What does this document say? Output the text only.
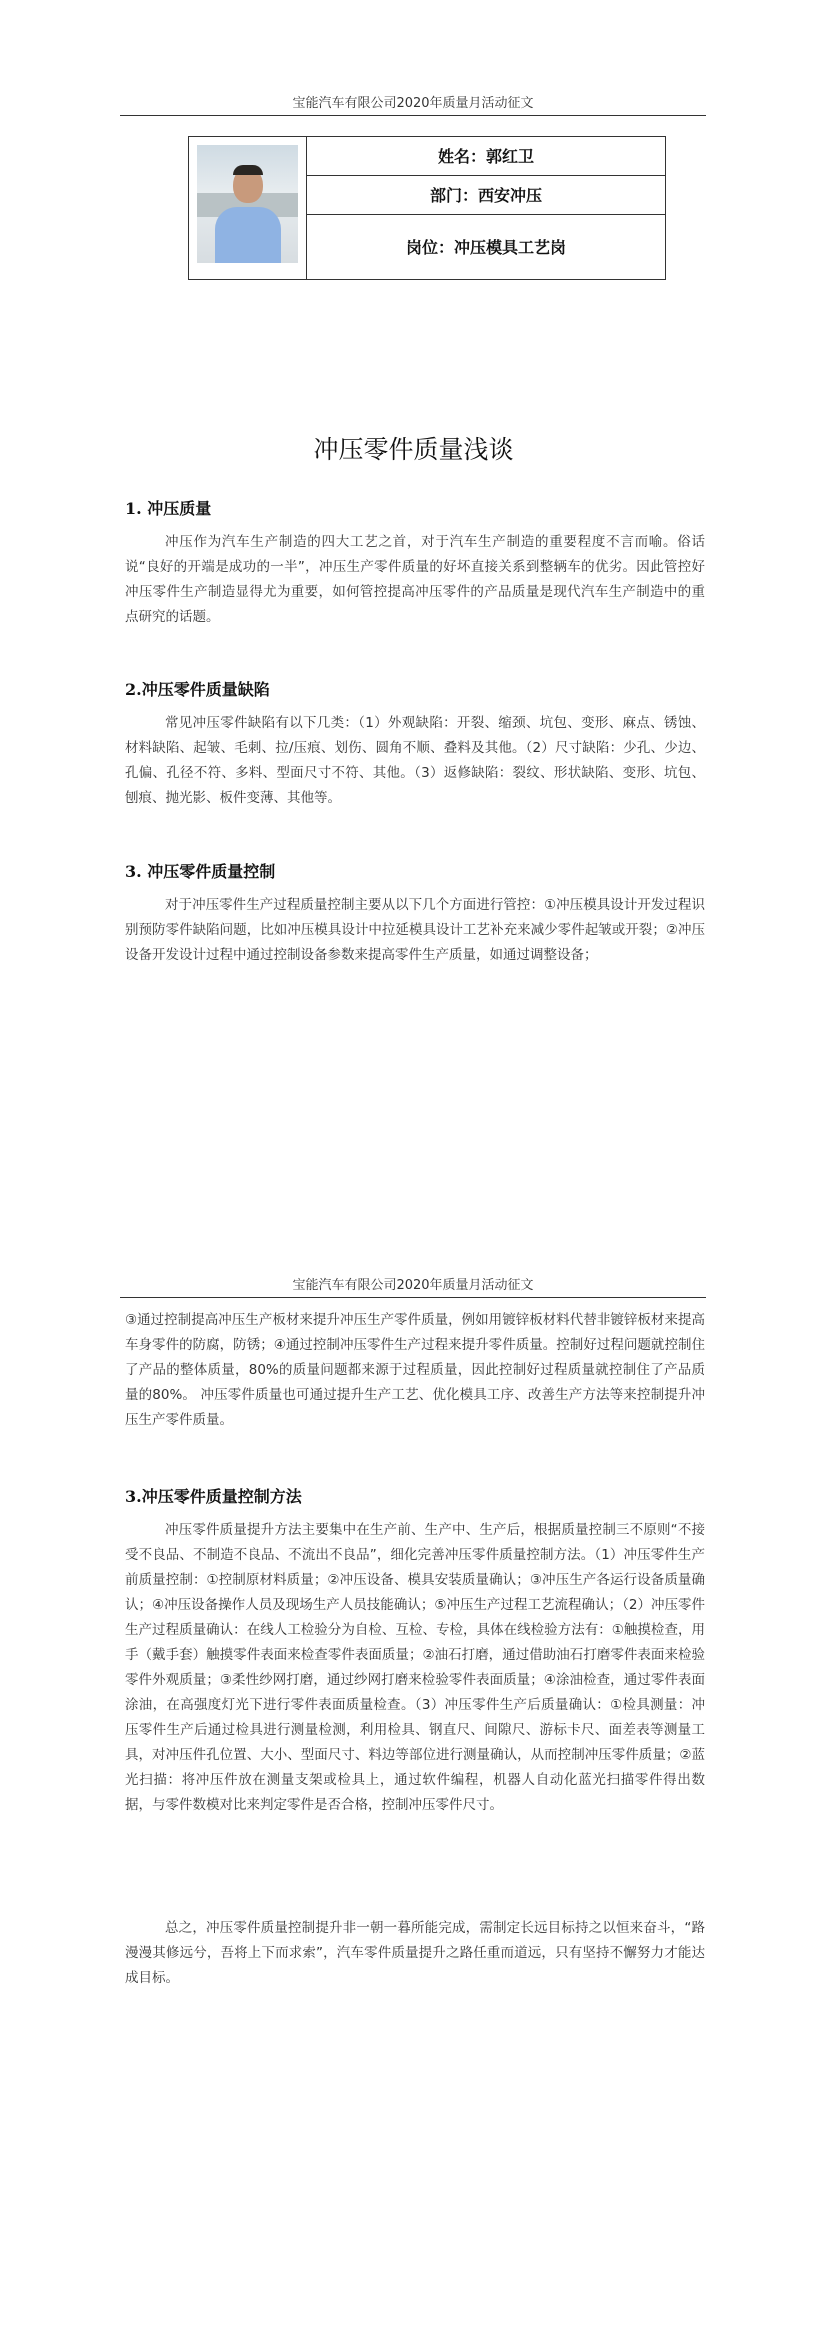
宝能汽车有限公司2020年质量月活动征文
姓名：郭红卫
部门：西安冲压
岗位：冲压模具工艺岗
冲压零件质量浅谈
1. 冲压质量
冲压作为汽车生产制造的四大工艺之首，对于汽车生产制造的重要程度不言而喻。俗话说“良好的开端是成功的一半”，冲压生产零件质量的好坏直接关系到整辆车的优劣。因此管控好冲压零件生产制造显得尤为重要，如何管控提高冲压零件的产品质量是现代汽车生产制造中的重点研究的话题。
2.冲压零件质量缺陷
常见冲压零件缺陷有以下几类：（1）外观缺陷：开裂、缩颈、坑包、变形、麻点、锈蚀、材料缺陷、起皱、毛刺、拉/压痕、划伤、圆角不顺、叠料及其他。（2）尺寸缺陷：少孔、少边、孔偏、孔径不符、多料、型面尺寸不符、其他。（3）返修缺陷：裂纹、形状缺陷、变形、坑包、刨痕、抛光影、板件变薄、其他等。
3. 冲压零件质量控制
对于冲压零件生产过程质量控制主要从以下几个方面进行管控：①冲压模具设计开发过程识别预防零件缺陷问题，比如冲压模具设计中拉延模具设计工艺补充来减少零件起皱或开裂；②冲压设备开发设计过程中通过控制设备参数来提高零件生产质量，如通过调整设备；
宝能汽车有限公司2020年质量月活动征文
③通过控制提高冲压生产板材来提升冲压生产零件质量，例如用镀锌板材料代替非镀锌板材来提高车身零件的防腐，防锈；④通过控制冲压零件生产过程来提升零件质量。控制好过程问题就控制住了产品的整体质量，80%的质量问题都来源于过程质量，因此控制好过程质量就控制住了产品质量的80%。 冲压零件质量也可通过提升生产工艺、优化模具工序、改善生产方法等来控制提升冲压生产零件质量。
3.冲压零件质量控制方法
冲压零件质量提升方法主要集中在生产前、生产中、生产后，根据质量控制三不原则“不接受不良品、不制造不良品、不流出不良品”，细化完善冲压零件质量控制方法。（1）冲压零件生产前质量控制：①控制原材料质量；②冲压设备、模具安装质量确认；③冲压生产各运行设备质量确认；④冲压设备操作人员及现场生产人员技能确认；⑤冲压生产过程工艺流程确认；（2）冲压零件生产过程质量确认：在线人工检验分为自检、互检、专检，具体在线检验方法有：①触摸检查，用手（戴手套）触摸零件表面来检查零件表面质量；②油石打磨，通过借助油石打磨零件表面来检验零件外观质量；③柔性纱网打磨，通过纱网打磨来检验零件表面质量；④涂油检查，通过零件表面涂油，在高强度灯光下进行零件表面质量检查。（3）冲压零件生产后质量确认：①检具测量：冲压零件生产后通过检具进行测量检测，利用检具、钢直尺、间隙尺、游标卡尺、面差表等测量工具，对冲压件孔位置、大小、型面尺寸、料边等部位进行测量确认，从而控制冲压零件质量；②蓝光扫描：将冲压件放在测量支架或检具上，通过软件编程，机器人自动化蓝光扫描零件得出数据，与零件数模对比来判定零件是否合格，控制冲压零件尺寸。
总之，冲压零件质量控制提升非一朝一暮所能完成，需制定长远目标持之以恒来奋斗，“路漫漫其修远兮，吾将上下而求索”，汽车零件质量提升之路任重而道远，只有坚持不懈努力才能达成目标。
